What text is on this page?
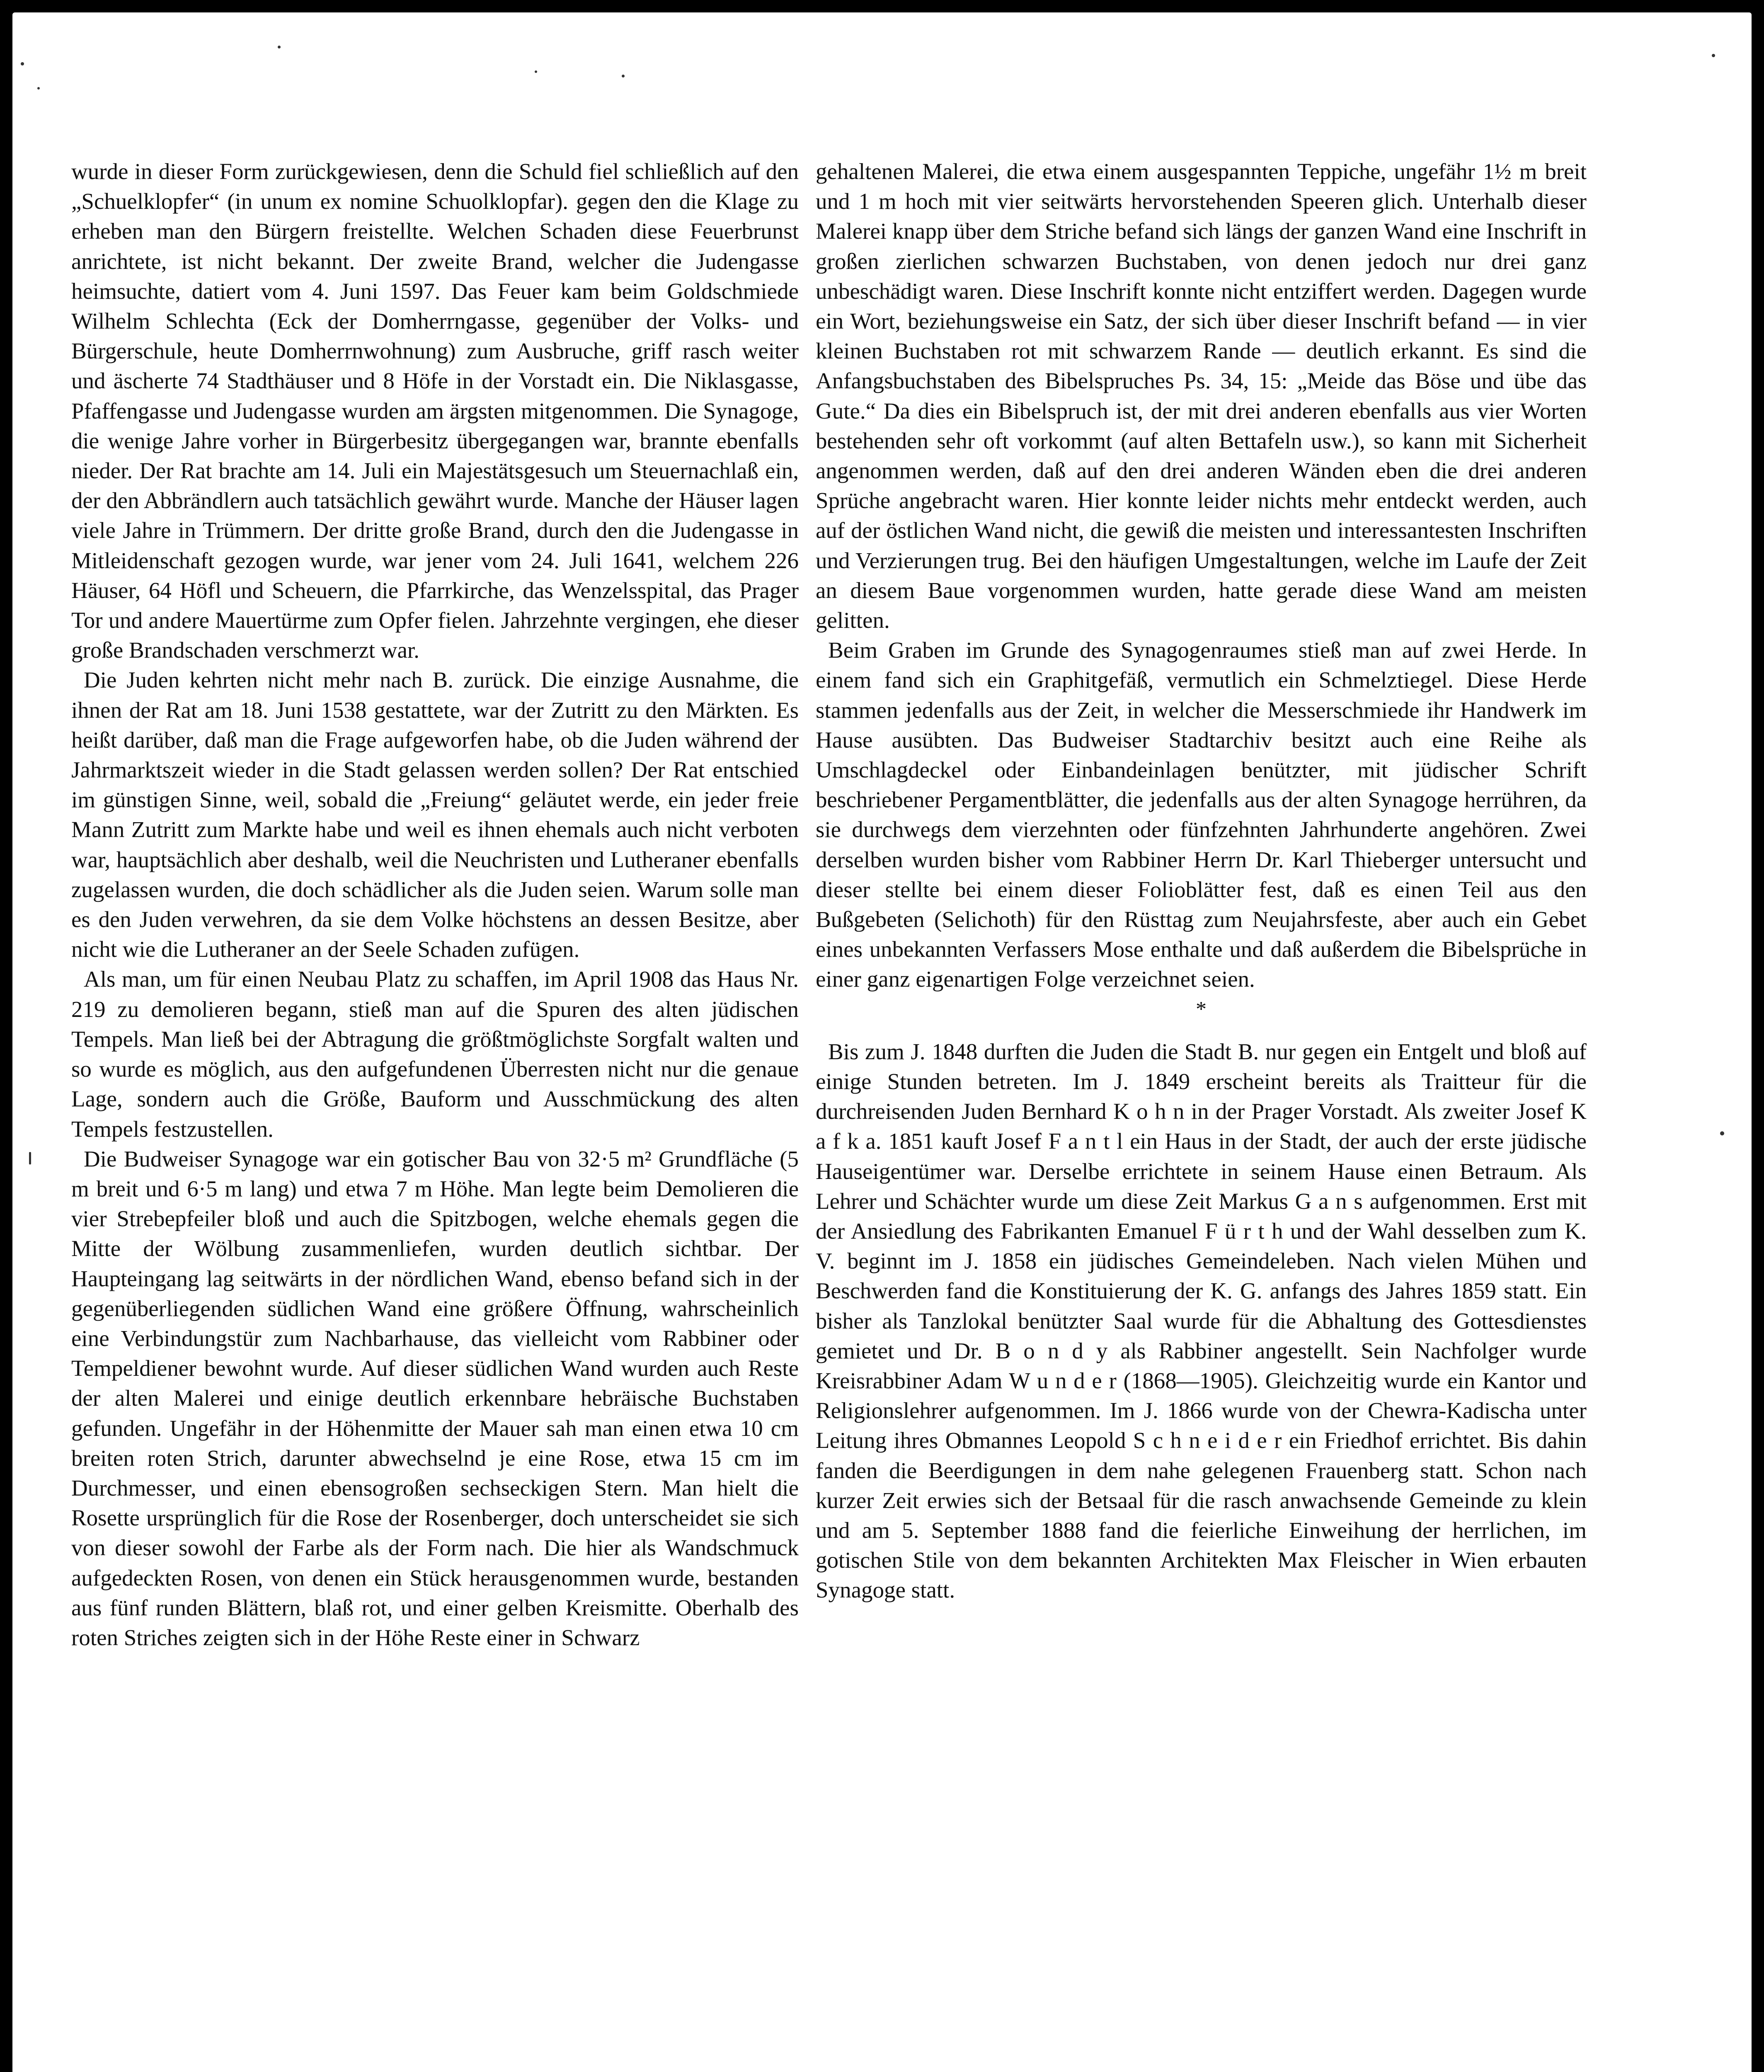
wurde in dieser Form zurückgewiesen, denn die Schuld fiel schließlich auf den „Schuelklopfer“ (in unum ex nomine Schuolklopfar). gegen den die Klage zu erheben man den Bürgern freistellte. Welchen Schaden diese Feuerbrunst anrichtete, ist nicht bekannt. Der zweite Brand, welcher die Judengasse heimsuchte, datiert vom 4. Juni 1597. Das Feuer kam beim Goldschmiede Wilhelm Schlechta (Eck der Domherrngasse, gegenüber der Volks- und Bürgerschule, heute Domherrnwohnung) zum Ausbruche, griff rasch weiter und äscherte 74 Stadthäuser und 8 Höfe in der Vorstadt ein. Die Niklasgasse, Pfaffengasse und Judengasse wurden am ärgsten mitgenommen. Die Synagoge, die wenige Jahre vorher in Bürgerbesitz übergegangen war, brannte ebenfalls nieder. Der Rat brachte am 14. Juli ein Majestätsgesuch um Steuernachlaß ein, der den Abbrändlern auch tatsächlich gewährt wurde. Manche der Häuser lagen viele Jahre in Trümmern. Der dritte große Brand, durch den die Judengasse in Mitleidenschaft gezogen wurde, war jener vom 24. Juli 1641, welchem 226 Häuser, 64 Höfl und Scheuern, die Pfarrkirche, das Wenzelsspital, das Prager Tor und andere Mauertürme zum Opfer fielen. Jahrzehnte vergingen, ehe dieser große Brandschaden verschmerzt war.

Die Juden kehrten nicht mehr nach B. zurück. Die einzige Ausnahme, die ihnen der Rat am 18. Juni 1538 gestattete, war der Zutritt zu den Märkten. Es heißt darüber, daß man die Frage aufgeworfen habe, ob die Juden während der Jahrmarktszeit wieder in die Stadt gelassen werden sollen? Der Rat entschied im günstigen Sinne, weil, sobald die „Freiung“ geläutet werde, ein jeder freie Mann Zutritt zum Markte habe und weil es ihnen ehemals auch nicht verboten war, hauptsächlich aber deshalb, weil die Neuchristen und Lutheraner ebenfalls zugelassen wurden, die doch schädlicher als die Juden seien. Warum solle man es den Juden verwehren, da sie dem Volke höchstens an dessen Besitze, aber nicht wie die Lutheraner an der Seele Schaden zufügen.

Als man, um für einen Neubau Platz zu schaffen, im April 1908 das Haus Nr. 219 zu demolieren begann, stieß man auf die Spuren des alten jüdischen Tempels. Man ließ bei der Abtragung die größtmöglichste Sorgfalt walten und so wurde es möglich, aus den aufgefundenen Überresten nicht nur die genaue Lage, sondern auch die Größe, Bauform und Ausschmückung des alten Tempels festzustellen.

Die Budweiser Synagoge war ein gotischer Bau von 32·5 m² Grundfläche (5 m breit und 6·5 m lang) und etwa 7 m Höhe. Man legte beim Demolieren die vier Strebepfeiler bloß und auch die Spitzbogen, welche ehemals gegen die Mitte der Wölbung zusammenliefen, wurden deutlich sichtbar. Der Haupteingang lag seitwärts in der nördlichen Wand, ebenso befand sich in der gegenüberliegenden südlichen Wand eine größere Öffnung, wahrscheinlich eine Verbindungstür zum Nachbarhause, das vielleicht vom Rabbiner oder Tempeldiener bewohnt wurde. Auf dieser südlichen Wand wurden auch Reste der alten Malerei und einige deutlich erkennbare hebräische Buchstaben gefunden. Ungefähr in der Höhenmitte der Mauer sah man einen etwa 10 cm breiten roten Strich, darunter abwechselnd je eine Rose, etwa 15 cm im Durchmesser, und einen ebensogroßen sechseckigen Stern. Man hielt die Rosette ursprünglich für die Rose der Rosenberger, doch unterscheidet sie sich von dieser sowohl der Farbe als der Form nach. Die hier als Wandschmuck aufgedeckten Rosen, von denen ein Stück herausgenommen wurde, bestanden aus fünf runden Blättern, blaß rot, und einer gelben Kreismitte. Oberhalb des roten Striches zeigten sich in der Höhe Reste einer in Schwarz

gehaltenen Malerei, die etwa einem ausgespannten Teppiche, ungefähr 1½ m breit und 1 m hoch mit vier seitwärts hervorstehenden Speeren glich. Unterhalb dieser Malerei knapp über dem Striche befand sich längs der ganzen Wand eine Inschrift in großen zierlichen schwarzen Buchstaben, von denen jedoch nur drei ganz unbeschädigt waren. Diese Inschrift konnte nicht entziffert werden. Dagegen wurde ein Wort, beziehungsweise ein Satz, der sich über dieser Inschrift befand — in vier kleinen Buchstaben rot mit schwarzem Rande — deutlich erkannt. Es sind die Anfangsbuchstaben des Bibelspruches Ps. 34, 15: „Meide das Böse und übe das Gute.“ Da dies ein Bibelspruch ist, der mit drei anderen ebenfalls aus vier Worten bestehenden sehr oft vorkommt (auf alten Bettafeln usw.), so kann mit Sicherheit angenommen werden, daß auf den drei anderen Wänden eben die drei anderen Sprüche angebracht waren. Hier konnte leider nichts mehr entdeckt werden, auch auf der östlichen Wand nicht, die gewiß die meisten und interessantesten Inschriften und Verzierungen trug. Bei den häufigen Umgestaltungen, welche im Laufe der Zeit an diesem Baue vorgenommen wurden, hatte gerade diese Wand am meisten gelitten.

Beim Graben im Grunde des Synagogenraumes stieß man auf zwei Herde. In einem fand sich ein Graphitgefäß, vermutlich ein Schmelztiegel. Diese Herde stammen jedenfalls aus der Zeit, in welcher die Messerschmiede ihr Handwerk im Hause ausübten. Das Budweiser Stadtarchiv besitzt auch eine Reihe als Umschlagdeckel oder Einbandeinlagen benützter, mit jüdischer Schrift beschriebener Pergamentblätter, die jedenfalls aus der alten Synagoge herrühren, da sie durchwegs dem vierzehnten oder fünfzehnten Jahrhunderte angehören. Zwei derselben wurden bisher vom Rabbiner Herrn Dr. Karl Thieberger untersucht und dieser stellte bei einem dieser Folioblätter fest, daß es einen Teil aus den Bußgebeten (Selichoth) für den Rüsttag zum Neujahrsfeste, aber auch ein Gebet eines unbekannten Verfassers Mose enthalte und daß außerdem die Bibelsprüche in einer ganz eigenartigen Folge verzeichnet seien.

*

Bis zum J. 1848 durften die Juden die Stadt B. nur gegen ein Entgelt und bloß auf einige Stunden betreten. Im J. 1849 erscheint bereits als Traitteur für die durchreisenden Juden Bernhard K o h n in der Prager Vorstadt. Als zweiter Josef K a f k a. 1851 kauft Josef F a n t l ein Haus in der Stadt, der auch der erste jüdische Hauseigentümer war. Derselbe errichtete in seinem Hause einen Betraum. Als Lehrer und Schächter wurde um diese Zeit Markus G a n s aufgenommen. Erst mit der Ansiedlung des Fabrikanten Emanuel F ü r t h und der Wahl desselben zum K. V. beginnt im J. 1858 ein jüdisches Gemeindeleben. Nach vielen Mühen und Beschwerden fand die Konstituierung der K. G. anfangs des Jahres 1859 statt. Ein bisher als Tanzlokal benützter Saal wurde für die Abhaltung des Gottesdienstes gemietet und Dr. B o n d y als Rabbiner angestellt. Sein Nachfolger wurde Kreisrabbiner Adam W u n d e r (1868—1905). Gleichzeitig wurde ein Kantor und Religionslehrer aufgenommen. Im J. 1866 wurde von der Chewra-Kadischa unter Leitung ihres Obmannes Leopold S c h n e i d e r ein Friedhof errichtet. Bis dahin fanden die Beerdigungen in dem nahe gelegenen Frauenberg statt. Schon nach kurzer Zeit erwies sich der Betsaal für die rasch anwachsende Gemeinde zu klein und am 5. September 1888 fand die feierliche Einweihung der herrlichen, im gotischen Stile von dem bekannten Architekten Max Fleischer in Wien erbauten Synagoge statt.
